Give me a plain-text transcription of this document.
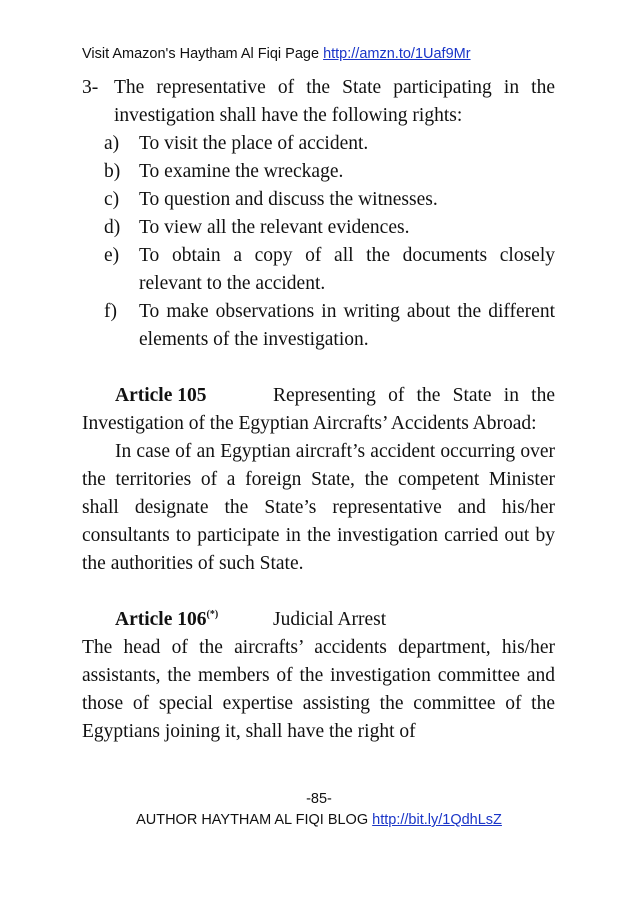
Visit Amazon's Haytham Al Fiqi Page http://amzn.to/1Uaf9Mr
3- The representative of the State participating in the investigation shall have the following rights:
a)	To visit the place of accident.
b) To examine the wreckage.
c)	To question and discuss the witnesses.
d) To view all the relevant evidences.
e)	To obtain a copy of all the documents closely relevant to the accident.
f)	To make observations in writing about the different elements of the investigation.
Article 105	Representing of the State in the

Investigation of the Egyptian Aircrafts’ Accidents Abroad:

In case of an Egyptian aircraft’s accident occurring over the territories of a foreign State, the competent Minister shall designate the State’s representative and his/her consultants to participate in the investigation carried out by the authorities of such State.

Article 106(*)	Judicial Arrest

The head of the aircrafts’ accidents department, his/her assistants, the members of the investigation committee and those of special expertise assisting the committee of the Egyptians joining it, shall have the right of

-85-
AUTHOR HAYTHAM AL FIQI BLOG http://bit.ly/1QdhLsZ
